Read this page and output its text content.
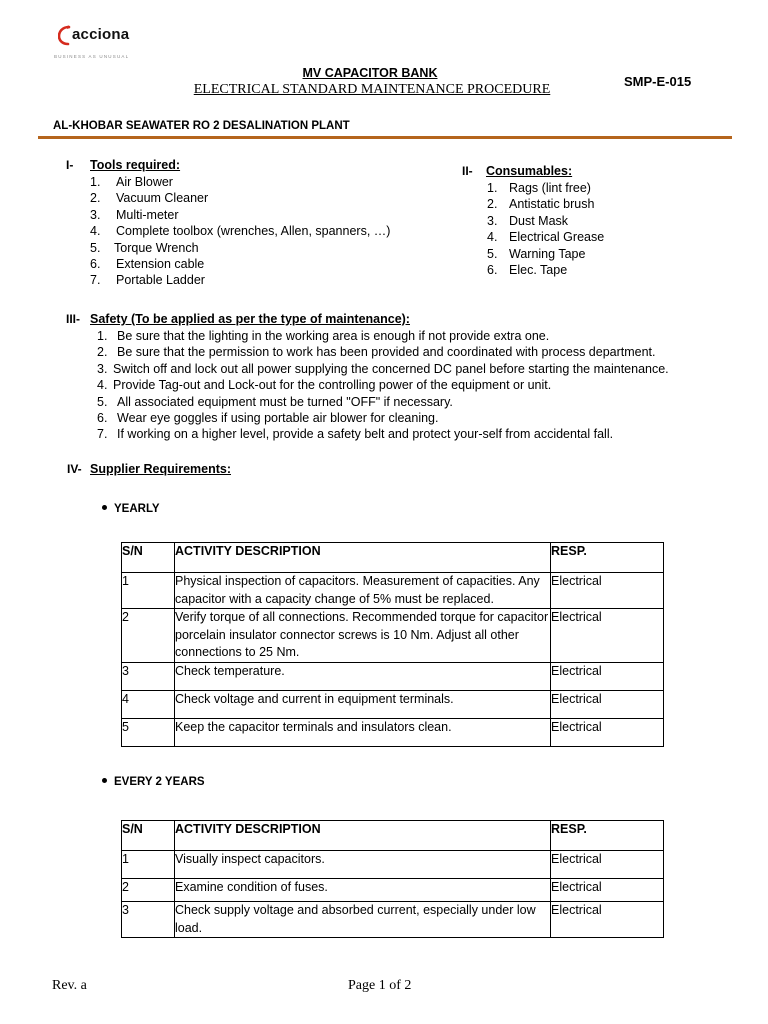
acciona
BUSINESS AS UNUSUAL
MV CAPACITOR BANK
ELECTRICAL STANDARD MAINTENANCE PROCEDURE
SMP-E-015
AL-KHOBAR SEAWATER RO 2 DESALINATION PLANT
I- Tools required:
1. Air Blower
2. Vacuum Cleaner
3. Multi-meter
4. Complete toolbox (wrenches, Allen, spanners, …)
5. Torque Wrench
6. Extension cable
7. Portable Ladder
II- Consumables:
1. Rags (lint free)
2. Antistatic brush
3. Dust Mask
4. Electrical Grease
5. Warning Tape
6. Elec. Tape
III- Safety (To be applied as per the type of maintenance):
1. Be sure that the lighting in the working area is enough if not provide extra one.
2. Be sure that the permission to work has been provided and coordinated with process department.
3. Switch off and lock out all power supplying the concerned DC panel before starting the maintenance.
4. Provide Tag-out and Lock-out for the controlling power of the equipment or unit.
5. All associated equipment must be turned "OFF" if necessary.
6. Wear eye goggles if using portable air blower for cleaning.
7. If working on a higher level, provide a safety belt and protect your-self from accidental fall.
IV- Supplier Requirements:
YEARLY
S/N	ACTIVITY DESCRIPTION	RESP.
1	Physical inspection of capacitors. Measurement of capacities. Any capacitor with a capacity change of 5% must be replaced.	Electrical
2	Verify torque of all connections. Recommended torque for capacitor porcelain insulator connector screws is 10 Nm. Adjust all other connections to 25 Nm.	Electrical
3	Check temperature.	Electrical
4	Check voltage and current in equipment terminals.	Electrical
5	Keep the capacitor terminals and insulators clean.	Electrical
EVERY 2 YEARS
S/N	ACTIVITY DESCRIPTION	RESP.
1	Visually inspect capacitors.	Electrical
2	Examine condition of fuses.	Electrical
3	Check supply voltage and absorbed current, especially under low load.	Electrical
Rev. a	Page 1 of 2
